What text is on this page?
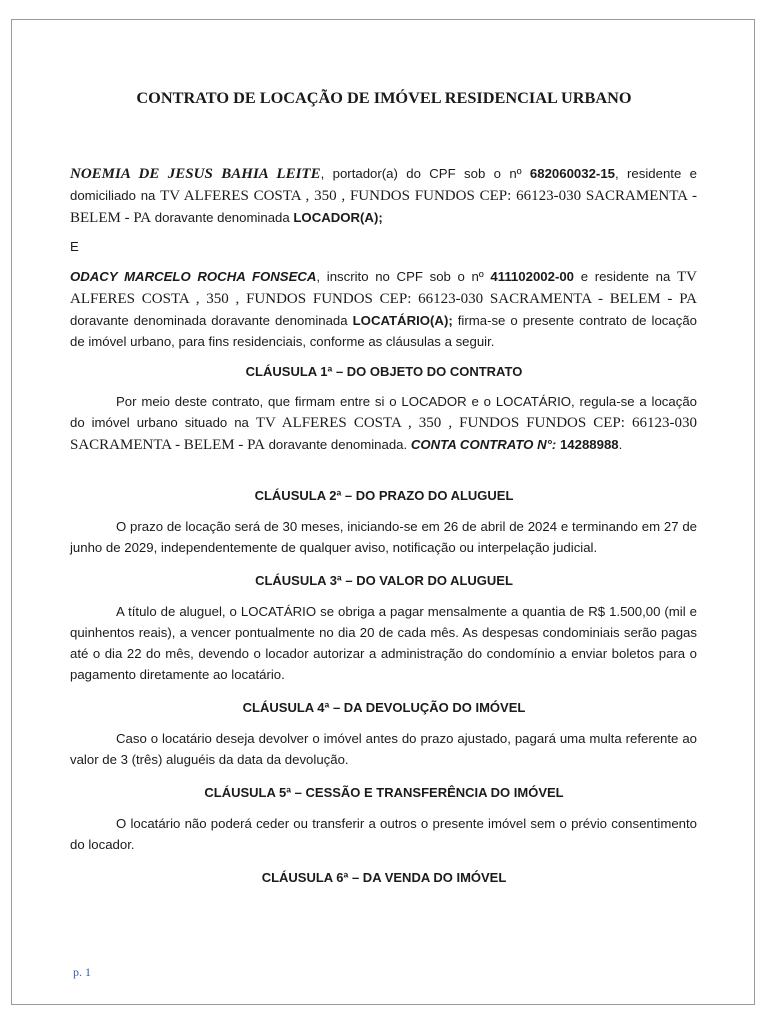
CONTRATO DE LOCAÇÃO DE IMÓVEL RESIDENCIAL URBANO
NOEMIA DE JESUS BAHIA LEITE, portador(a) do CPF sob o nº 682060032-15, residente e domiciliado na TV ALFERES COSTA , 350 , FUNDOS FUNDOS CEP: 66123-030 SACRAMENTA - BELEM - PA doravante denominada LOCADOR(A);
E
ODACY MARCELO ROCHA FONSECA, inscrito no CPF sob o nº 411102002-00 e residente na TV ALFERES COSTA , 350 , FUNDOS FUNDOS CEP: 66123-030 SACRAMENTA - BELEM - PA doravante denominada doravante denominada LOCATÁRIO(A); firma-se o presente contrato de locação de imóvel urbano, para fins residenciais, conforme as cláusulas a seguir.
CLÁUSULA 1ª – DO OBJETO DO CONTRATO
Por meio deste contrato, que firmam entre si o LOCADOR e o LOCATÁRIO, regula-se a locação do imóvel urbano situado na TV ALFERES COSTA , 350 , FUNDOS FUNDOS CEP: 66123-030 SACRAMENTA - BELEM - PA doravante denominada. CONTA CONTRATO N°: 14288988.
CLÁUSULA 2ª – DO PRAZO DO ALUGUEL
O prazo de locação será de 30 meses, iniciando-se em 26 de abril de 2024 e terminando em 27 de junho de 2029, independentemente de qualquer aviso, notificação ou interpelação judicial.
CLÁUSULA 3ª – DO VALOR DO ALUGUEL
A título de aluguel, o LOCATÁRIO se obriga a pagar mensalmente a quantia de R$ 1.500,00 (mil e quinhentos reais), a vencer pontualmente no dia 20 de cada mês. As despesas condominiais serão pagas até o dia 22 do mês, devendo o locador autorizar a administração do condomínio a enviar boletos para o pagamento diretamente ao locatário.
CLÁUSULA 4ª – DA DEVOLUÇÃO DO IMÓVEL
Caso o locatário deseja devolver o imóvel antes do prazo ajustado, pagará uma multa referente ao valor de 3 (três) aluguéis da data da devolução.
CLÁUSULA 5ª – CESSÃO E TRANSFERÊNCIA DO IMÓVEL
O locatário não poderá ceder ou transferir a outros o presente imóvel sem o prévio consentimento do locador.
CLÁUSULA 6ª – DA VENDA DO IMÓVEL
p. 1
